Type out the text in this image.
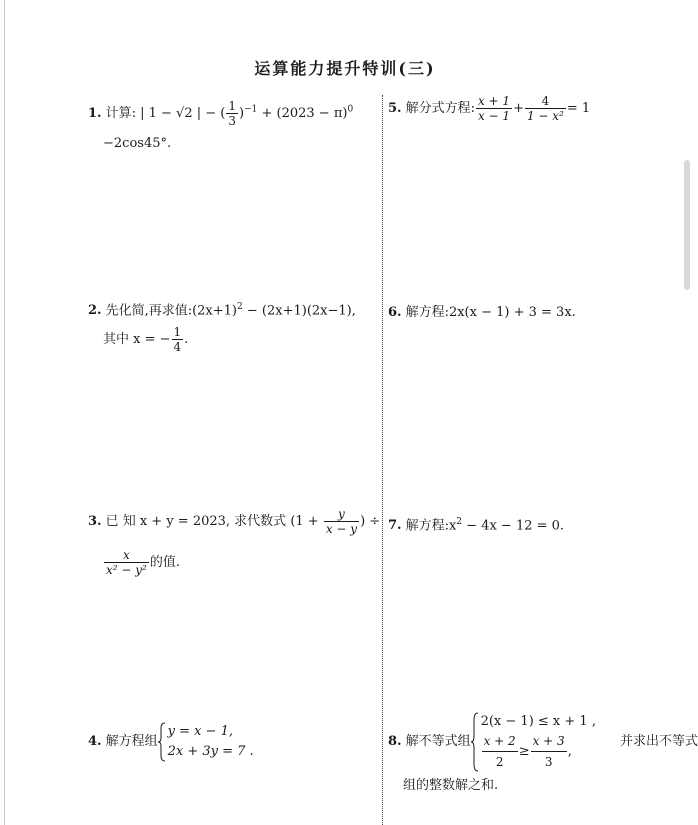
运算能力提升特训(三)
1. 计算: | 1 − √2 | − ( $\frac{1}{3} )^{-1} + (2023 - \pi)^0$
−2cos45°.
2. 先化简,再求值$:(2x+1)^2 - (2x+1)(2x-1)$,
其中 x = − $\frac{1}{4}$ .
3. 已 知 x + y = 2023, 求代数式 ($1 + \frac{y}{x - y}$ ) ÷
$\frac{x}{\text{x² − y²}}$ 的值.
4. 解方程组
y = x − 1,
2x + 3y = 7 .
5. 解分式方程: $\frac{x + 1}{x - 1} + \frac{4}{\text{1 − x²}} = 1$
6. 解方程:2x(x − 1) + 3 = 3x.
7. 解方程$:x^2 - 4x - 12 = 0$.
8. 解不等式组
2(x − 1) ≤ x + 1 ,
$\frac{x + 2}{2} \ge \frac{x + 3}{3}$ ,
并求出不等式
组的整数解之和.
